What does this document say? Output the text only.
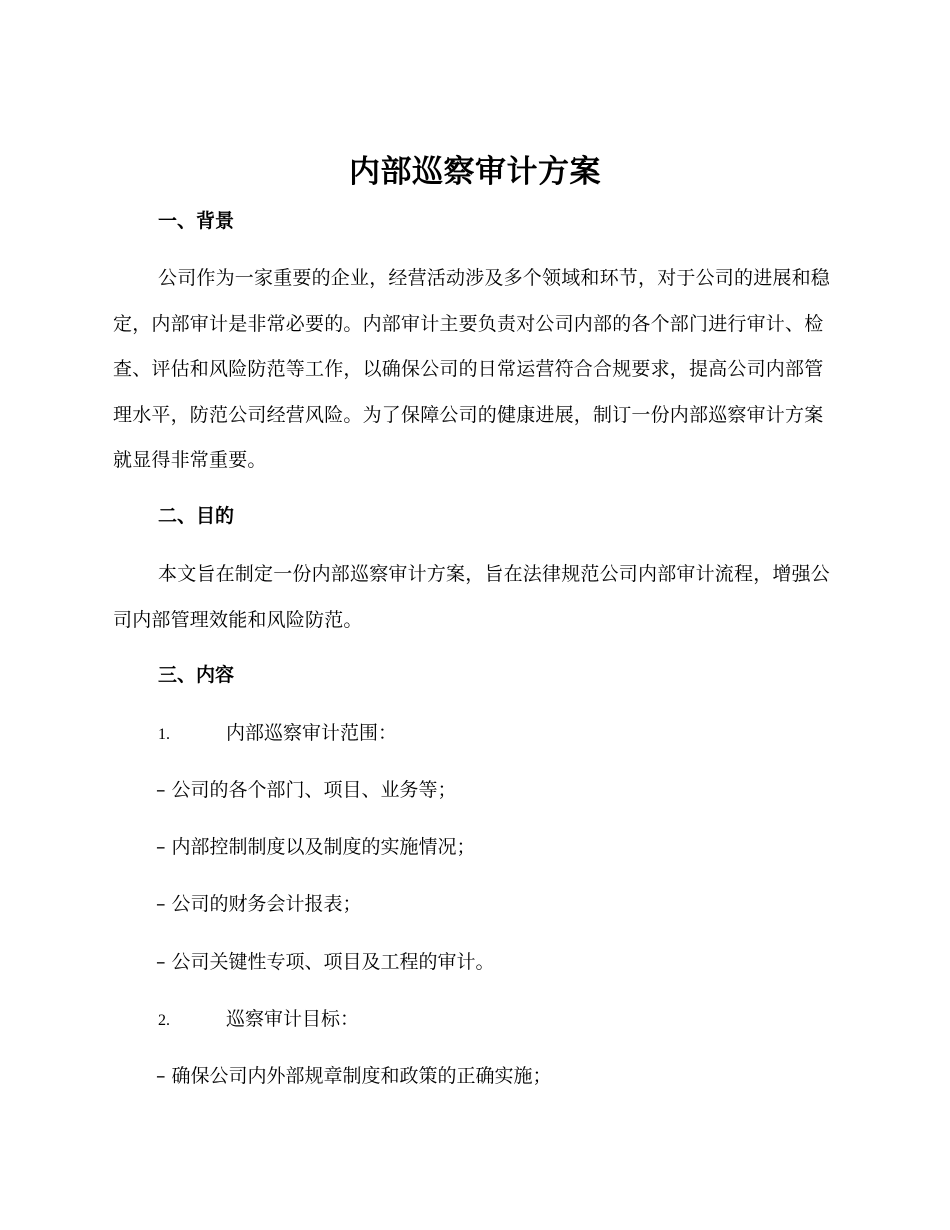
内部巡察审计方案
一、背景
公司作为一家重要的企业，经营活动涉及多个领域和环节，对于公司的进展和稳定，内部审计是非常必要的。内部审计主要负责对公司内部的各个部门进行审计、检查、评估和风险防范等工作，以确保公司的日常运营符合合规要求，提高公司内部管理水平，防范公司经营风险。为了保障公司的健康进展，制订一份内部巡察审计方案就显得非常重要。
二、目的
本文旨在制定一份内部巡察审计方案，旨在法律规范公司内部审计流程，增强公司内部管理效能和风险防范。
三、内容
1.	内部巡察审计范围：
– 公司的各个部门、项目、业务等；
– 内部控制制度以及制度的实施情况；
– 公司的财务会计报表；
– 公司关键性专项、项目及工程的审计。
2.	巡察审计目标：
– 确保公司内外部规章制度和政策的正确实施；
